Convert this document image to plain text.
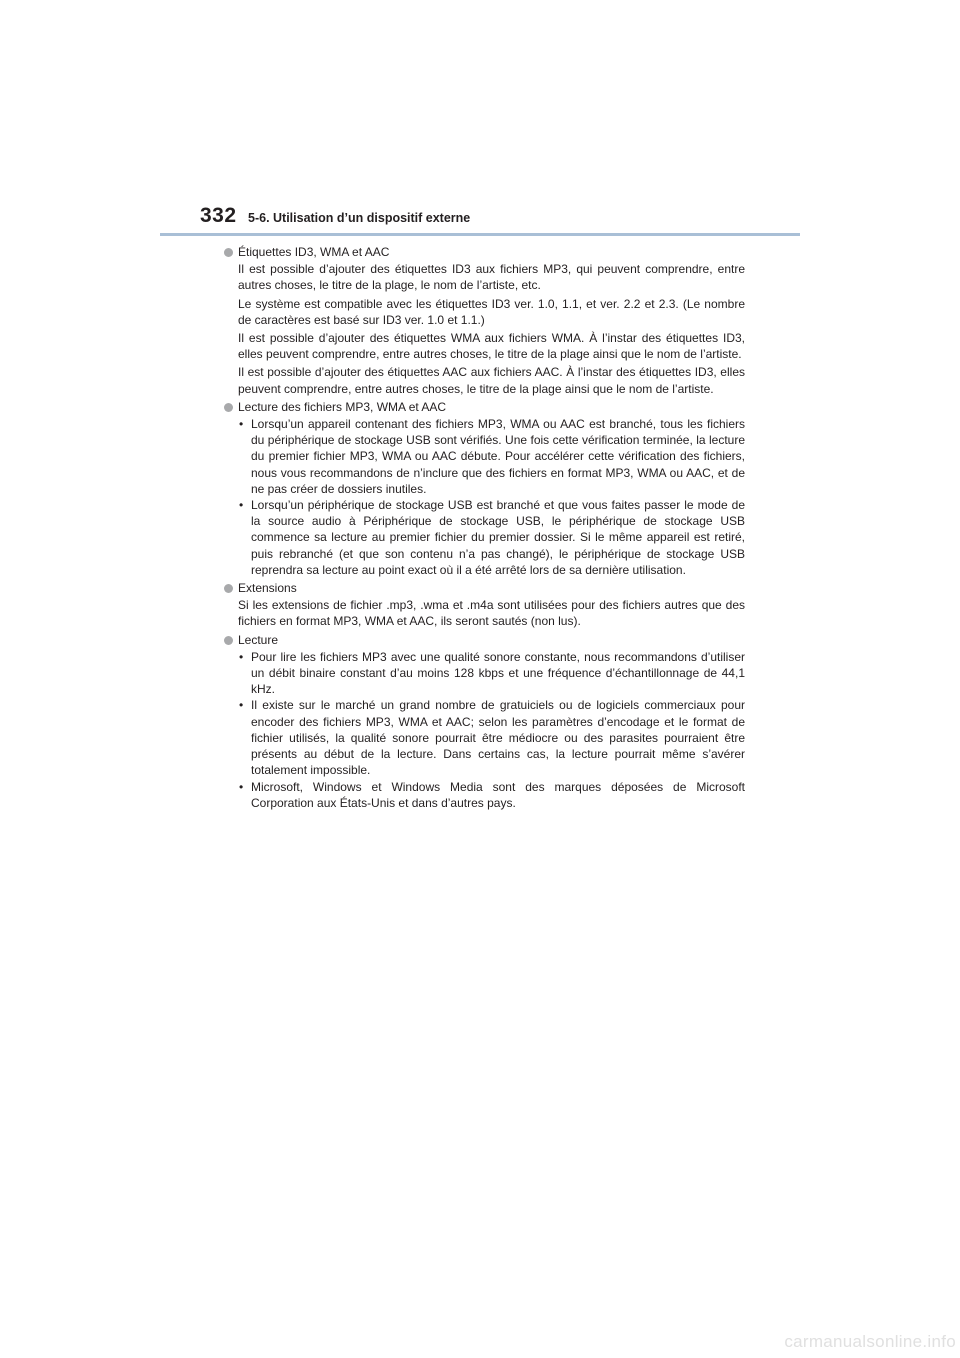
332 5-6. Utilisation d’un dispositif externe
Étiquettes ID3, WMA et AAC

Il est possible d’ajouter des étiquettes ID3 aux fichiers MP3, qui peuvent comprendre, entre autres choses, le titre de la plage, le nom de l’artiste, etc.

Le système est compatible avec les étiquettes ID3 ver. 1.0, 1.1, et ver. 2.2 et 2.3. (Le nombre de caractères est basé sur ID3 ver. 1.0 et 1.1.)

Il est possible d’ajouter des étiquettes WMA aux fichiers WMA. À l’instar des étiquettes ID3, elles peuvent comprendre, entre autres choses, le titre de la plage ainsi que le nom de l’artiste.

Il est possible d’ajouter des étiquettes AAC aux fichiers AAC. À l’instar des étiquettes ID3, elles peuvent comprendre, entre autres choses, le titre de la plage ainsi que le nom de l’artiste.

Lecture des fichiers MP3, WMA et AAC
• Lorsqu’un appareil contenant des fichiers MP3, WMA ou AAC est branché, tous les fichiers du périphérique de stockage USB sont vérifiés. Une fois cette vérification terminée, la lecture du premier fichier MP3, WMA ou AAC débute. Pour accélérer cette vérification des fichiers, nous vous recommandons de n’inclure que des fichiers en format MP3, WMA ou AAC, et de ne pas créer de dossiers inutiles.
• Lorsqu’un périphérique de stockage USB est branché et que vous faites passer le mode de la source audio à Périphérique de stockage USB, le périphérique de stockage USB commence sa lecture au premier fichier du premier dossier. Si le même appareil est retiré, puis rebranché (et que son contenu n’a pas changé), le périphérique de stockage USB reprendra sa lecture au point exact où il a été arrêté lors de sa dernière utilisation.
Extensions

Si les extensions de fichier .mp3, .wma et .m4a sont utilisées pour des fichiers autres que des fichiers en format MP3, WMA et AAC, ils seront sautés (non lus).

Lecture
• Pour lire les fichiers MP3 avec une qualité sonore constante, nous recommandons d’utiliser un débit binaire constant d’au moins 128 kbps et une fréquence d’échantillonnage de 44,1 kHz.
• Il existe sur le marché un grand nombre de gratuiciels ou de logiciels commerciaux pour encoder des fichiers MP3, WMA et AAC; selon les paramètres d’encodage et le format de fichier utilisés, la qualité sonore pourrait être médiocre ou des parasites pourraient être présents au début de la lecture. Dans certains cas, la lecture pourrait même s’avérer totalement impossible.
• Microsoft, Windows et Windows Media sont des marques déposées de Microsoft Corporation aux États-Unis et dans d’autres pays.
carmanualsonline.info
